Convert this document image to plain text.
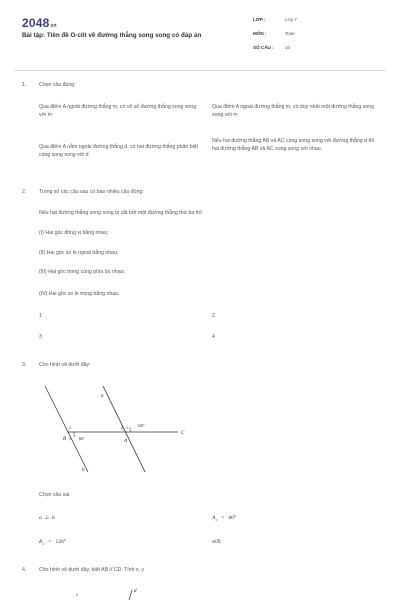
2048vn
Bài tập: Tiên đề O-clit về đường thẳng song song có đáp án
LỚP :	Lớp 7
MÔN :	Toán
SỐ CÂU : 10
1. Chọn câu đúng:
Qua điểm A ngoài đường thẳng m, có vô số đường thẳng song song với m
Qua điểm A ngoài đường thẳng m, có duy nhất một đường thẳng song song với m
Qua điểm A nằm ngoài đường thẳng d, có hai đường thẳng phân biệt cùng song song với d
Nếu hai đường thẳng AB và AC cùng song song với đường thẳng d thì hai đường thẳng AB và AC song song với nhau.
2. Trong số các câu sau có bao nhiêu câu đúng:
Nếu hai đường thẳng song song bị cắt bởi một đường thẳng thứ ba thì:
(I) Hai góc đồng vị bằng nhau;
(II) Hai góc so le ngoài bằng nhau;
(III) Hai góc trong cùng phía bù nhau;
(IV) Hai góc so le trong bằng nhau.
1	2
3	4
3. Cho hình vẽ dưới đây:
a
b
C
B	A
2
1
2 1
60°
120°
Chọn câu sai:
a ⊥ b	$A_2 = 60^\circ$
$B_2 = 120^\circ$	a//b
4. Cho hình vẽ dưới đây, biết AB // CD. Tính x, y
c
d
